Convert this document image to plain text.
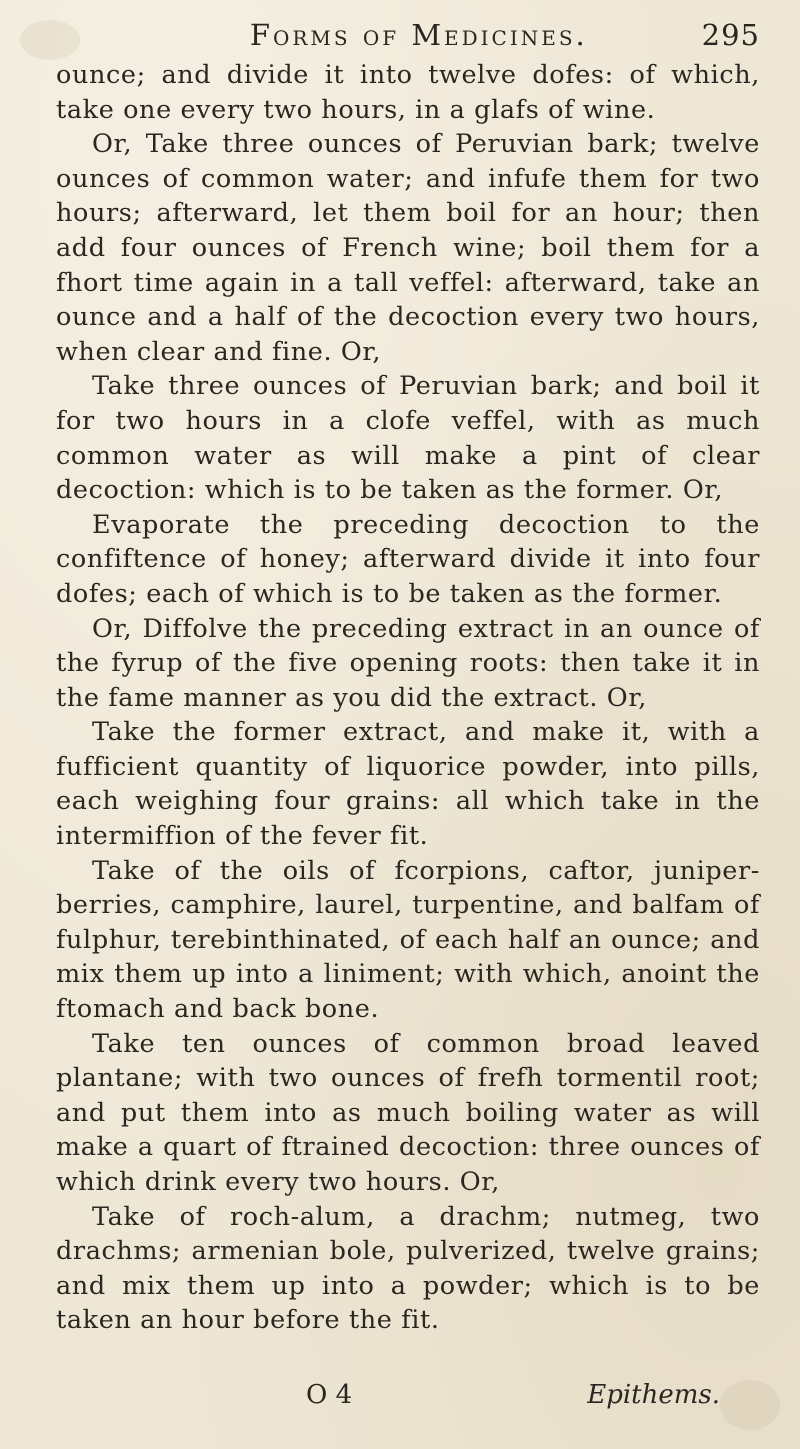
Forms of Medicines.	295

ounce; and divide it into twelve dofes: of which, take one every two hours, in a glafs of wine.

Or, Take three ounces of Peruvian bark; twelve ounces of common water; and infufe them for two hours; afterward, let them boil for an hour; then add four ounces of French wine; boil them for a fhort time again in a tall veffel: afterward, take an ounce and a half of the decoction every two hours, when clear and fine. Or,

Take three ounces of Peruvian bark; and boil it for two hours in a clofe veffel, with as much common water as will make a pint of clear decoction: which is to be taken as the former. Or,

Evaporate the preceding decoction to the confiftence of honey; afterward divide it into four dofes; each of which is to be taken as the former.

Or, Diffolve the preceding extract in an ounce of the fyrup of the five opening roots: then take it in the fame manner as you did the extract. Or,

Take the former extract, and make it, with a fufficient quantity of liquorice powder, into pills, each weighing four grains: all which take in the intermiffion of the fever fit.

Take of the oils of fcorpions, caftor, juniper-berries, camphire, laurel, turpentine, and balfam of fulphur, terebinthinated, of each half an ounce; and mix them up into a liniment; with which, anoint the ftomach and back bone.

Take ten ounces of common broad leaved plantane; with two ounces of frefh tormentil root; and put them into as much boiling water as will make a quart of ftrained decoction: three ounces of which drink every two hours. Or,

Take of roch-alum, a drachm; nutmeg, two drachms; armenian bole, pulverized, twelve grains; and mix them up into a powder; which is to be taken an hour before the fit.

O 4	Epithems.
